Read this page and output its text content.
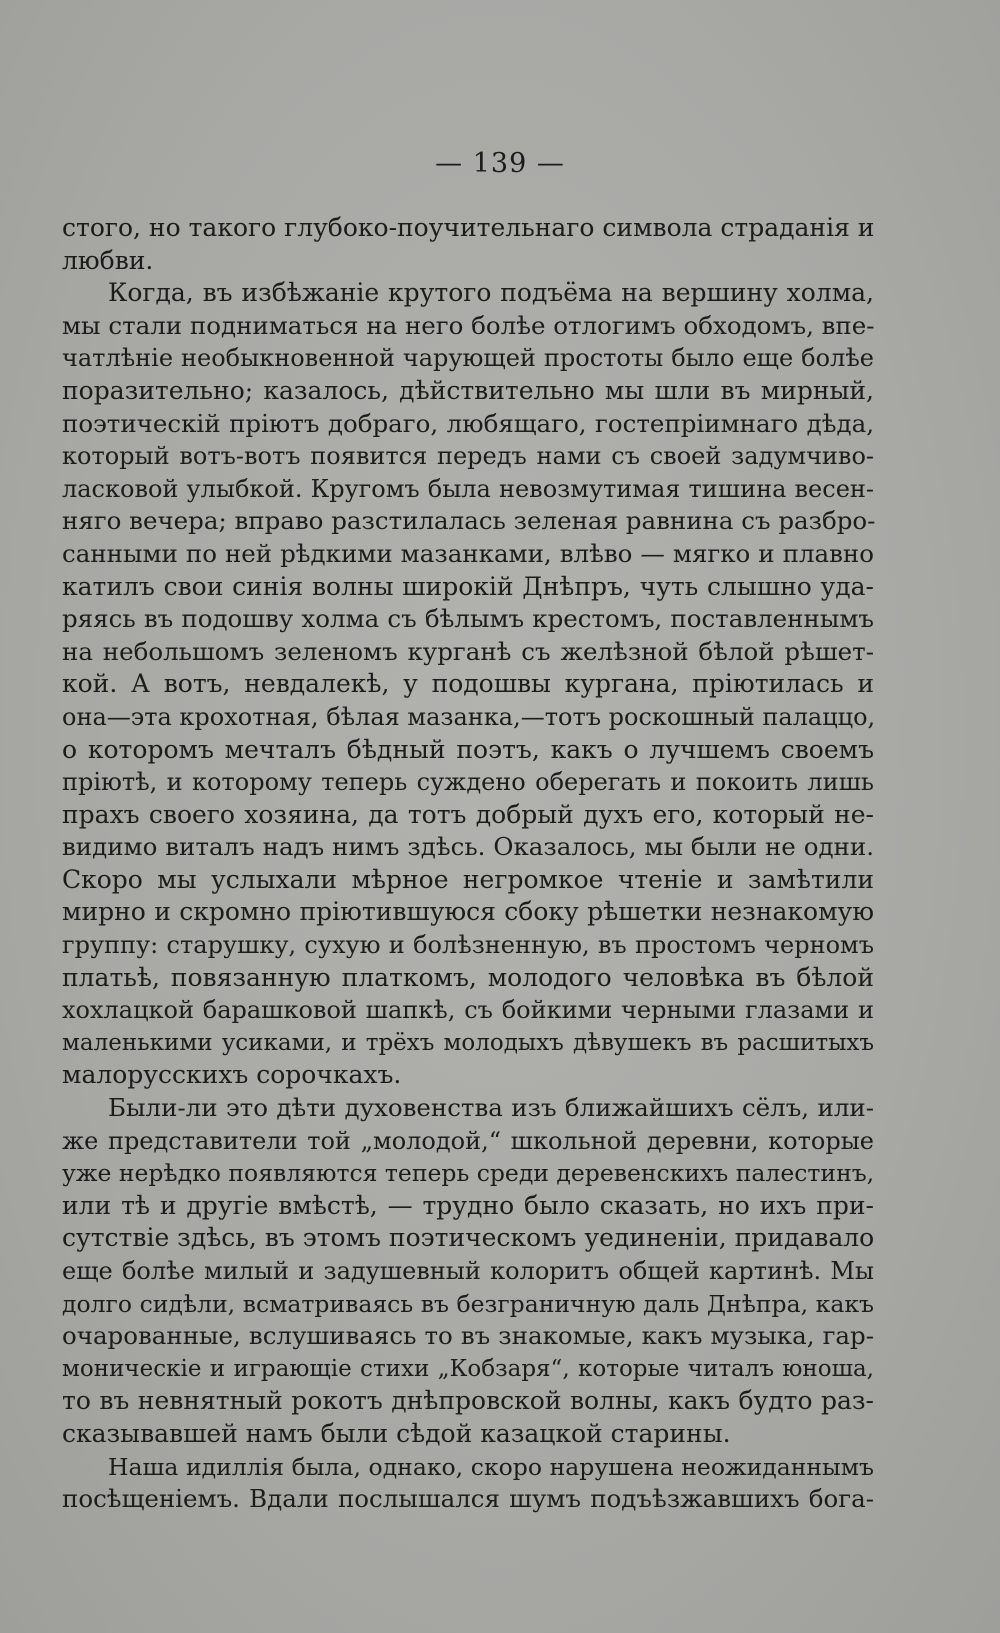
— 139 —
стого, но такого глубоко-поучительнаго символа страданія и
любви.
Когда, въ избѣжаніе крутого подъёма на вершину холма,
мы стали подниматься на него болѣе отлогимъ обходомъ, впе-
чатлѣніе необыкновенной чарующей простоты было еще болѣе
поразительно; казалось, дѣйствительно мы шли въ мирный,
поэтическій пріютъ добраго, любящаго, гостепріимнаго дѣда,
который вотъ-вотъ появится передъ нами съ своей задумчиво-
ласковой улыбкой. Кругомъ была невозмутимая тишина весен-
няго вечера; вправо разстилалась зеленая равнина съ разбро-
санными по ней рѣдкими мазанками, влѣво — мягко и плавно
катилъ свои синія волны широкій Днѣпръ, чуть слышно уда-
ряясь въ подошву холма съ бѣлымъ крестомъ, поставленнымъ
на небольшомъ зеленомъ курганѣ съ желѣзной бѣлой рѣшет-
кой. А вотъ, невдалекѣ, у подошвы кургана, пріютилась и
она—эта крохотная, бѣлая мазанка,—тотъ роскошный палаццо,
о которомъ мечталъ бѣдный поэтъ, какъ о лучшемъ своемъ
пріютѣ, и которому теперь суждено оберегать и покоить лишь
прахъ своего хозяина, да тотъ добрый духъ его, который не-
видимо виталъ надъ нимъ здѣсь. Оказалось, мы были не одни.
Скоро мы услыхали мѣрное негромкое чтеніе и замѣтили
мирно и скромно пріютившуюся сбоку рѣшетки незнакомую
группу: старушку, сухую и болѣзненную, въ простомъ черномъ
платьѣ, повязанную платкомъ, молодого человѣка въ бѣлой
хохлацкой барашковой шапкѣ, съ бойкими черными глазами и
маленькими усиками, и трёхъ молодыхъ дѣвушекъ въ расшитыхъ
малорусскихъ сорочкахъ.
Были-ли это дѣти духовенства изъ ближайшихъ сёлъ, или-
же представители той „молодой,“ школьной деревни, которые
уже нерѣдко появляются теперь среди деревенскихъ палестинъ,
или тѣ и другіе вмѣстѣ, — трудно было сказать, но ихъ при-
сутствіе здѣсь, въ этомъ поэтическомъ уединеніи, придавало
еще болѣе милый и задушевный колоритъ общей картинѣ. Мы
долго сидѣли, всматриваясь въ безграничную даль Днѣпра, какъ
очарованные, вслушиваясь то въ знакомые, какъ музыка, гар-
моническіе и играющіе стихи „Кобзаря“, которые читалъ юноша,
то въ невнятный рокотъ днѣпровской волны, какъ будто раз-
сказывавшей намъ были сѣдой казацкой старины.
Наша идиллія была, однако, скоро нарушена неожиданнымъ
посѣщеніемъ. Вдали послышался шумъ подъѣзжавшихъ бога-
